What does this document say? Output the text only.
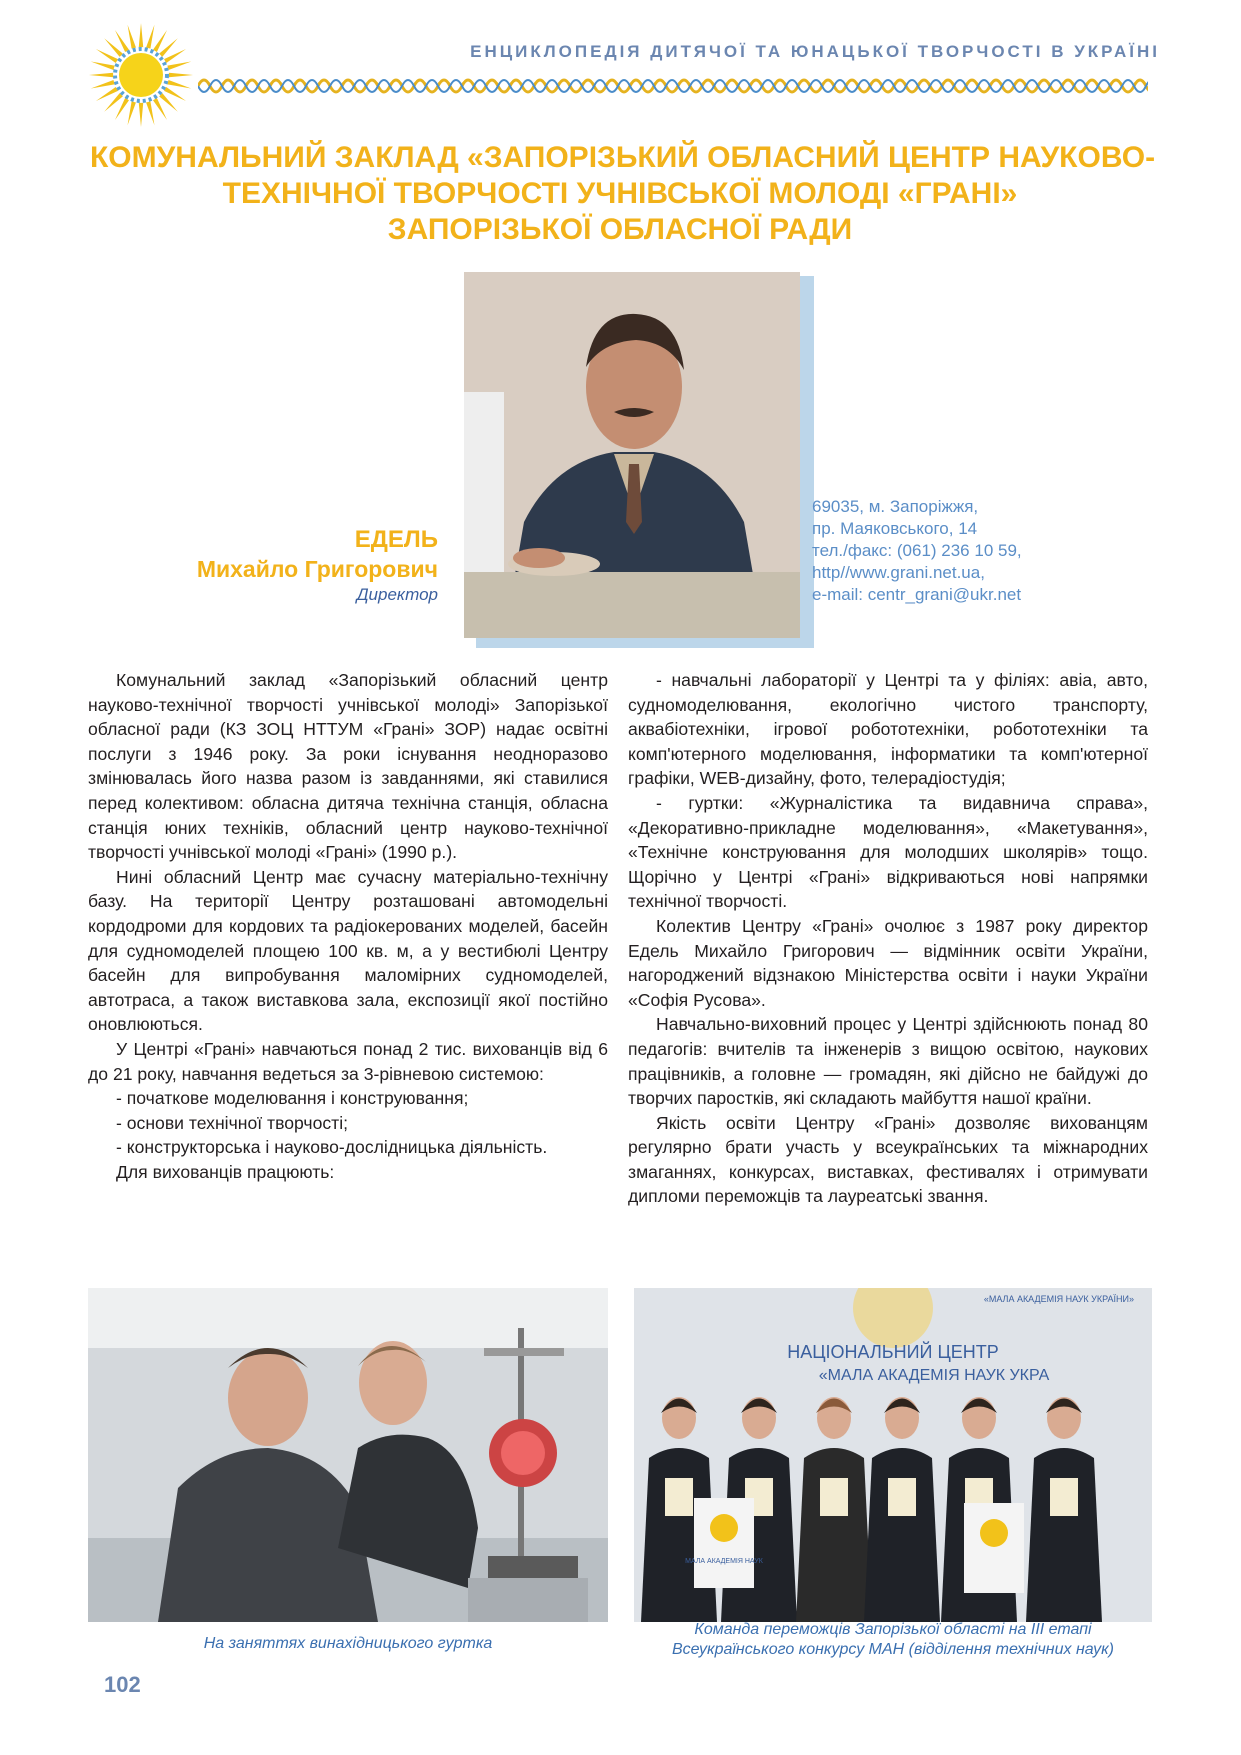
ЕНЦИКЛОПЕДІЯ ДИТЯЧОЇ ТА ЮНАЦЬКОЇ ТВОРЧОСТІ В УКРАЇНІ
КОМУНАЛЬНИЙ ЗАКЛАД «ЗАПОРІЗЬКИЙ ОБЛАСНИЙ ЦЕНТР НАУКОВО-
ТЕХНІЧНОЇ ТВОРЧОСТІ УЧНІВСЬКОЇ МОЛОДІ «ГРАНІ»
ЗАПОРІЗЬКОЇ ОБЛАСНОЇ РАДИ
ЕДЕЛЬ
Михайло Григорович
Директор
69035, м. Запоріжжя,
пр. Маяковського, 14
тел./факс: (061) 236 10 59,
http//www.grani.net.ua,
e-mail: centr_grani@ukr.net

Комунальний заклад «Запорізький обласний центр науково-технічної творчості учнівської молоді» Запорізької обласної ради (КЗ ЗОЦ НТТУМ «Грані» ЗОР) надає освітні послуги з 1946 року. За роки існування неодноразово змінювалась його назва разом із завданнями, які ставилися перед колективом: обласна дитяча технічна станція, обласна станція юних техніків, обласний центр науково-технічної творчості учнівської молоді «Грані» (1990 р.).

Нині обласний Центр має сучасну матеріально-технічну базу. На території Центру розташовані автомодельні кордодроми для кордових та радіокерованих моделей, басейн для судномоделей площею 100 кв. м, а у вестибюлі Центру басейн для випробування маломірних судномоделей, автотраса, а також виставкова зала, експозиції якої постійно оновлюються.

У Центрі «Грані» навчаються понад 2 тис. вихованців від 6 до 21 року, навчання ведеться за 3-рівневою системою:

- початкове моделювання і конструювання;

- основи технічної творчості;

- конструкторська і науково-дослідницька діяльність.

Для вихованців працюють:

- навчальні лабораторії у Центрі та у філіях: авіа, авто, судномоделювання, екологічно чистого транспорту, аквабіотехніки, ігрової робототехніки, робототехніки та комп'ютерного моделювання, інформатики та комп'ютерної графіки, WEB-дизайну, фото, телерадіостудія;

- гуртки: «Журналістика та видавнича справа», «Декоративно-прикладне моделювання», «Макетування», «Технічне конструювання для молодших школярів» тощо. Щорічно у Центрі «Грані» відкриваються нові напрямки технічної творчості.

Колектив Центру «Грані» очолює з 1987 року директор Едель Михайло Григорович — відмінник освіти України, нагороджений відзнакою Міністерства освіти і науки України «Софія Русова».

Навчально-виховний процес у Центрі здійснюють понад 80 педагогів: вчителів та інженерів з вищою освітою, наукових працівників, а головне — громадян, які дійсно не байдужі до творчих паростків, які складають майбуття нашої країни.

Якість освіти Центру «Грані» дозволяє вихованцям регулярно брати участь у всеукраїнських та міжнародних змаганнях, конкурсах, виставках, фестивалях і отримувати дипломи переможців та лауреатські звання.

«МАЛА АКАДЕМІЯ НАУК УКРАЇНИ»
НАЦІОНАЛЬНИЙ ЦЕНТР
«МАЛА АКАДЕМІЯ НАУК УКРА
МАЛА АКАДЕМІЯ НАУК
На заняттях винахідницького гуртка
Команда переможців Запорізької області на ІІІ етапі
Всеукраїнського конкурсу МАН (відділення технічних наук)
102
